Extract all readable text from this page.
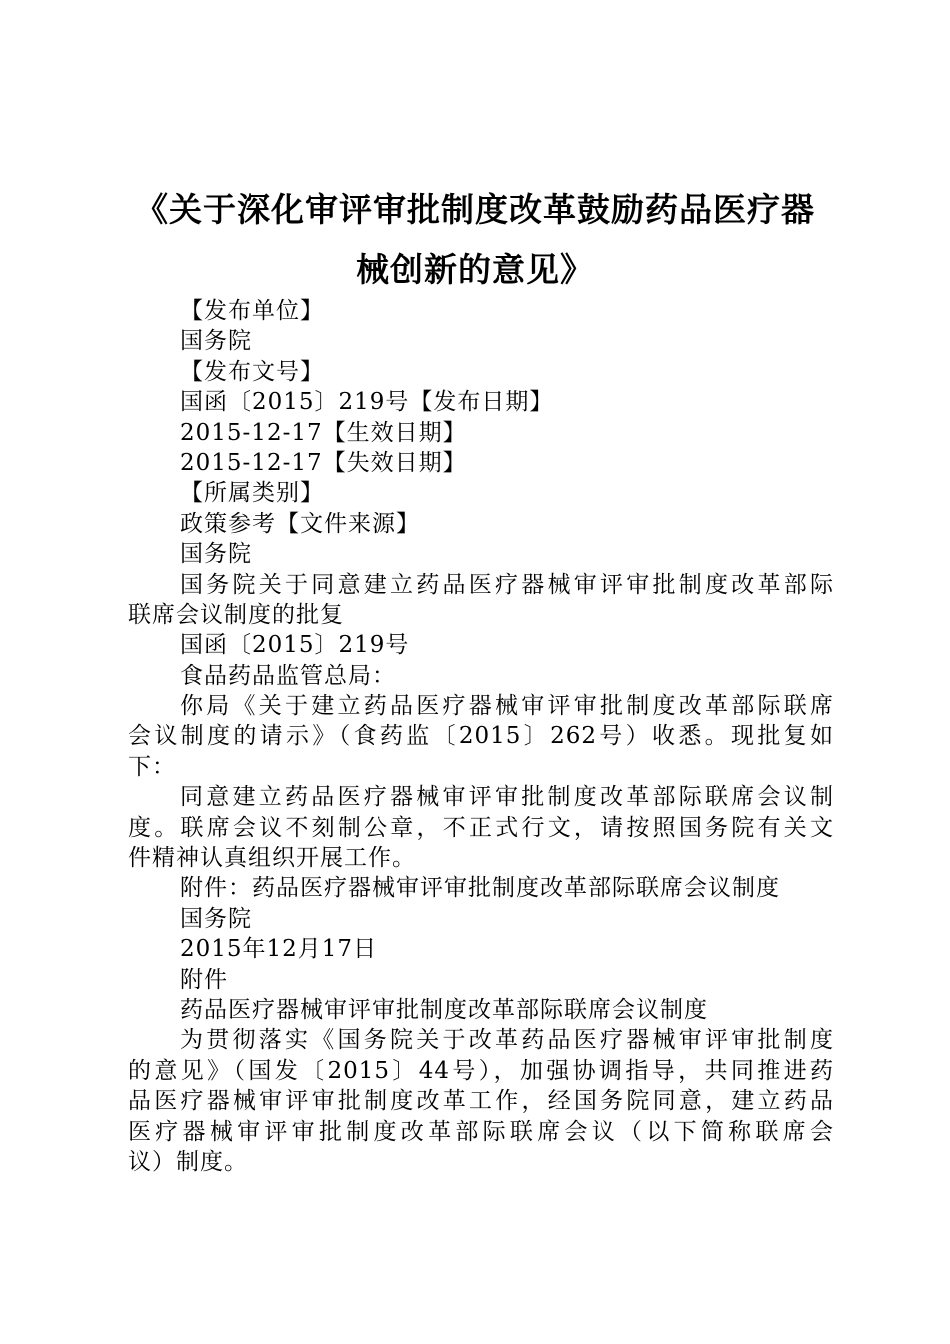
《关于深化审评审批制度改革鼓励药品医疗器
械创新的意见》
【发布单位】
国务院
【发布文号】
国函〔2015〕219号【发布日期】
2015-12-17【生效日期】
2015-12-17【失效日期】
【所属类别】
政策参考【文件来源】
国务院
国务院关于同意建立药品医疗器械审评审批制度改革部际
联席会议制度的批复
国函〔2015〕219号
食品药品监管总局：
你局《关于建立药品医疗器械审评审批制度改革部际联席
会议制度的请示》（食药监〔2015〕262号）收悉。现批复如
下：
同意建立药品医疗器械审评审批制度改革部际联席会议制
度。联席会议不刻制公章，不正式行文，请按照国务院有关文
件精神认真组织开展工作。
附件：药品医疗器械审评审批制度改革部际联席会议制度
国务院
2015年12月17日
附件
药品医疗器械审评审批制度改革部际联席会议制度
为贯彻落实《国务院关于改革药品医疗器械审评审批制度
的意见》（国发〔2015〕44号），加强协调指导，共同推进药
品医疗器械审评审批制度改革工作，经国务院同意，建立药品
医疗器械审评审批制度改革部际联席会议（以下简称联席会
议）制度。
